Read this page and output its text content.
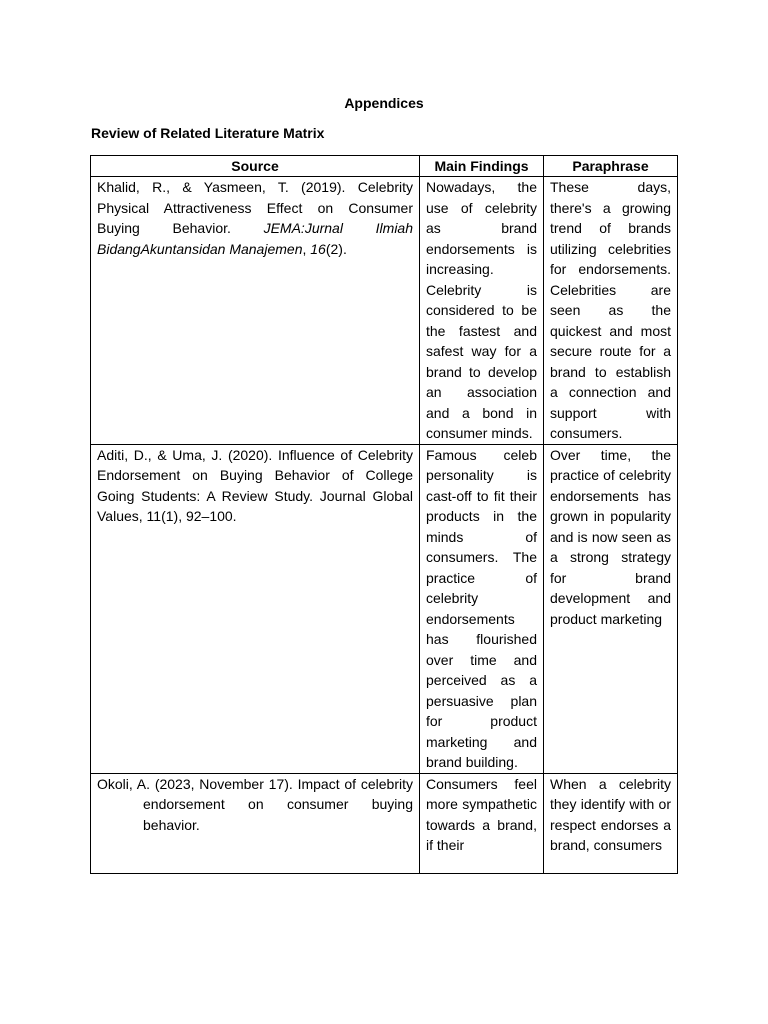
Appendices
Review of Related Literature Matrix
Source	Main Findings	Paraphrase

Khalid, R., & Yasmeen, T. (2019). Celebrity Physical Attractiveness Effect on Consumer Buying Behavior. JEMA:Jurnal Ilmiah BidangAkuntansidan Manajemen, 16(2).	Nowadays, the use of celebrity as brand endorsements is increasing. Celebrity is considered to be the fastest and safest way for a brand to develop an association and a bond in consumer minds.	These days, there's a growing trend of brands utilizing celebrities for endorsements. Celebrities are seen as the quickest and most secure route for a brand to establish a connection and support with consumers.

Aditi, D., & Uma, J. (2020). Influence of Celebrity Endorsement on Buying Behavior of College Going Students: A Review Study. Journal Global Values, 11(1), 92–100.	Famous celeb personality is cast-off to fit their products in the minds of consumers. The practice of celebrity endorsements has flourished over time and perceived as a persuasive plan for product marketing and brand building.	Over time, the practice of celebrity endorsements has grown in popularity and is now seen as a strong strategy for brand development and product marketing

Okoli, A. (2023, November 17). Impact of celebrity endorsement on consumer buying behavior.	Consumers feel more sympathetic towards a brand, if their	When a celebrity they identify with or respect endorses a brand, consumers
